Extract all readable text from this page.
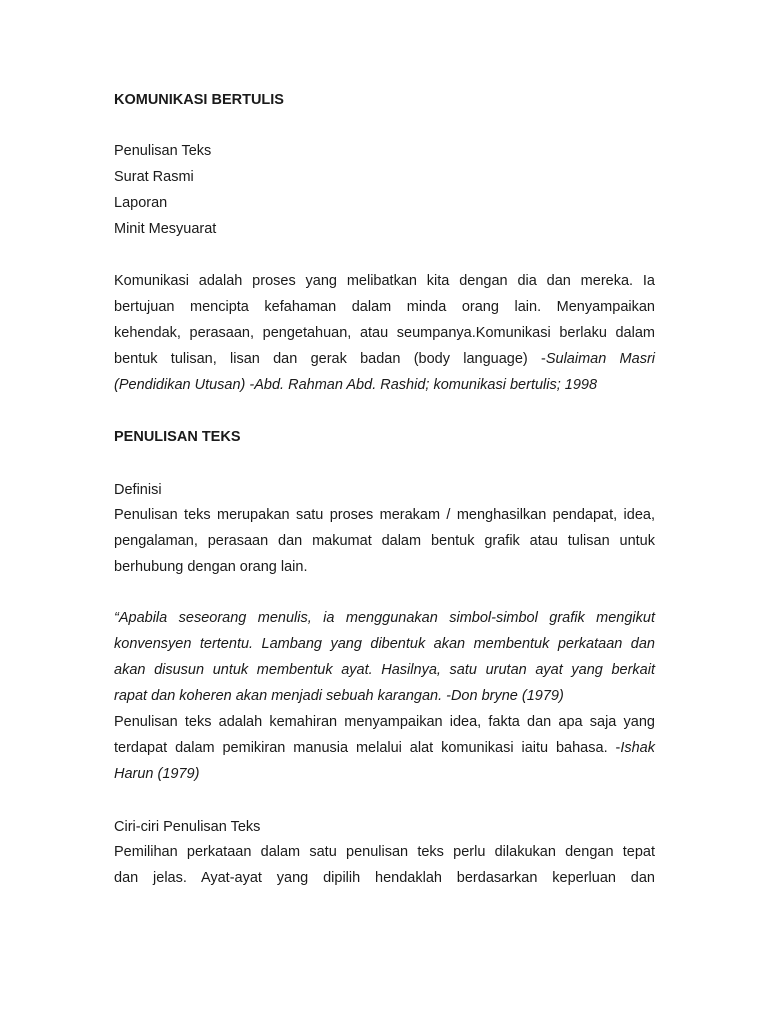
KOMUNIKASI BERTULIS
Penulisan Teks
Surat Rasmi
Laporan
Minit Mesyuarat
Komunikasi adalah proses yang melibatkan kita dengan dia dan mereka. Ia
bertujuan mencipta kefahaman dalam minda orang lain. Menyampaikan
kehendak, perasaan, pengetahuan, atau seumpanya.Komunikasi berlaku dalam
bentuk tulisan, lisan dan gerak badan (body language) -Sulaiman Masri
(Pendidikan Utusan) -Abd. Rahman Abd. Rashid; komunikasi bertulis; 1998
PENULISAN TEKS
Definisi
Penulisan teks merupakan satu proses merakam / menghasilkan pendapat, idea,
pengalaman, perasaan dan makumat dalam bentuk grafik atau tulisan untuk
berhubung dengan orang lain.
“Apabila seseorang menulis, ia menggunakan simbol-simbol grafik mengikut
konvensyen tertentu. Lambang yang dibentuk akan membentuk perkataan dan
akan disusun untuk membentuk ayat. Hasilnya, satu urutan ayat yang berkait
rapat dan koheren akan menjadi sebuah karangan. -Don bryne (1979)
Penulisan teks adalah kemahiran menyampaikan idea, fakta dan apa saja yang
terdapat dalam pemikiran manusia melalui alat komunikasi iaitu bahasa. -Ishak
Harun (1979)
Ciri-ciri Penulisan Teks
Pemilihan perkataan dalam satu penulisan teks perlu dilakukan dengan tepat
dan jelas. Ayat-ayat yang dipilih hendaklah berdasarkan keperluan dan
